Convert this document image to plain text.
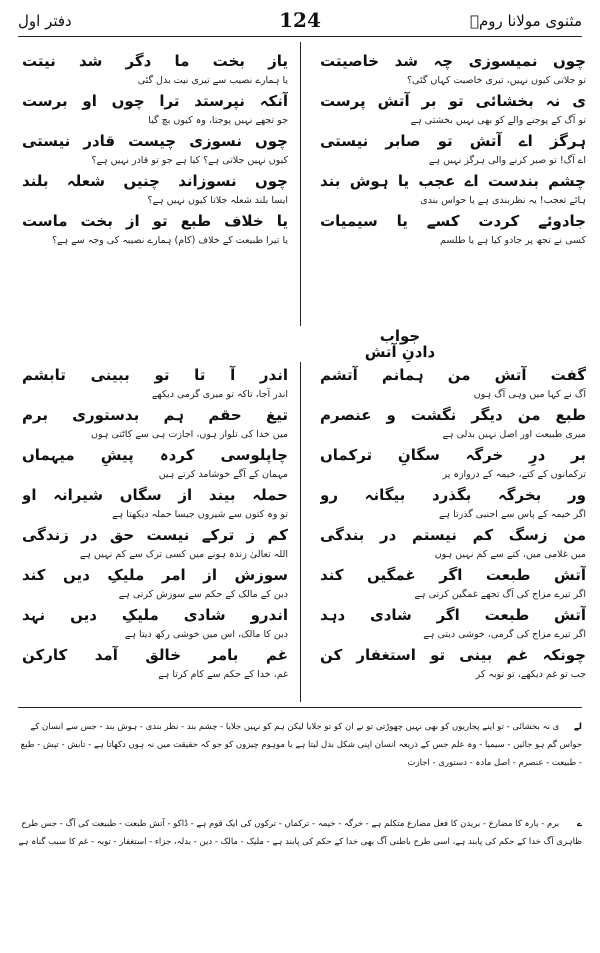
مثنوی مولانا رومؒ
124
دفتر اول
چوں نمیسوزی چہ شد خاصیتت
تو جلاتی کیوں نہیں، تیری خاصیت کہاں گئی؟
ی نہ بخشائی تو بر آتش پرست
تو آگ کے پوجنے والے کو بھی نہیں بخشتی ہے
ہرگز اے آتش تو صابر نیستی
اے آگ! تو صبر کرنے والی ہرگز نہیں ہے
چشم بندست اے عجب یا ہوش بند
ہائے تعجب! یہ نظربندی ہے یا حواس بندی
جادوئے کردت کسے یا سیمیات
کسی نے تجھ پر جادو کیا ہے یا طلسم
یاز بخت ما دگر شد نیتت
یا ہمارے نصیب سے تیری نیت بدل گئی
آنکہ نپرستد ترا چوں او برست
جو تجھے نہیں پوجتا، وہ کیوں بچ گیا
چوں نسوزی چیست قادر نیستی
کیوں نہیں جلاتی ہے؟ کیا ہے جو تو قادر نہیں ہے؟
چوں نسوزاند چنیں شعلہ بلند
ایسا بلند شعلہ جلاتا کیوں نہیں ہے؟
یا خلاف طبع تو از بخت ماست
یا تیرا طبیعت کے خلاف (کام) ہمارے نصیبہ کی وجہ سے ہے؟
جواب
دادنِ آتش
گفت آتش من ہمانم آتشم
آگ نے کہا میں وہی آگ ہوں
طبع من دیگر نگشت و عنصرم
میری طبیعت اور اصل نہیں بدلی ہے
بر درِ خرگہ سگانِ ترکماں
ترکمانوں کے کتے، خیمہ کے دروازہ پر
ور بخرگہ بگذرد بیگانہ رو
اگر خیمہ کے پاس سے اجنبی گذرتا ہے
من زسگ کم نیستم در بندگی
میں غلامی میں، کتے سے کم نہیں ہوں
آتش طبعت اگر غمگیں کند
اگر تیرے مزاج کی آگ تجھے غمگین کرتی ہے
آتش طبعت اگر شادی دہد
اگر تیرے مزاج کی گرمی، خوشی دیتی ہے
چونکہ غم بینی تو استغفار کن
جب تو غم دیکھے، تو توبہ کر
اندر آ تا تو ببینی تابشم
اندر آجا، تاکہ تو میری گرمی دیکھے
تیغ حقم ہم بدستوری برم
میں خدا کی تلوار ہوں، اجازت ہی سے کاٹتی ہوں
چاپلوسی کردہ پیشِ میہماں
مہمان کے آگے خوشامد کرتے ہیں
حملہ بیند از سگاں شیرانہ او
تو وہ کتوں سے شیروں جیسا حملہ دیکھتا ہے
کم ز ترکے نیست حق در زندگی
اللہ تعالیٰ زندہ ہونے میں کسی ترک سے کم نہیں ہے
سوزش از امر ملیکِ دیں کند
دین کے مالک کے حکم سے سوزش کرتی ہے
اندرو شادی ملیکِ دیں نہد
دین کا مالک، اس میں خوشی رکھ دیتا ہے
غم بامر خالق آمد کارکن
غم، خدا کے حکم سے کام کرتا ہے
لے ی نہ بخشائی - تو اپنے پجاریوں کو بھی نہیں چھوڑتی تو نے ان کو تو جلایا لیکن ہم کو نہیں جلایا - چشم بند - نظر بندی - ہوش بند - جس سے انسان کے حواس گم ہو جائیں - سیمیا - وہ علم جس کے ذریعہ انسان اپنی شکل بدل لیتا ہے یا موہوم چیزوں کو جو کہ حقیقت میں نہ ہوں دکھاتا ہے - تابش - تپش - طبع - طبیعت - عنصرم - اصل مادہ - دستوری - اجازت
ے برم - بارہ کا مضارع - بریدن کا فعل مضارع متکلم ہے - خرگہ - خیمہ - ترکماں - ترکوں کی ایک قوم ہے - ڈاکو - آتش طبعت - طبیعت کی آگ - جس طرح ظاہری آگ خدا کے حکم کی پابند ہے، اسی طرح باطنی آگ بھی خدا کے حکم کی پابند ہے - ملیک - مالک - دین - بدلہ، جزاء - استغفار - توبہ - غم کا سبب گناہ ہے
